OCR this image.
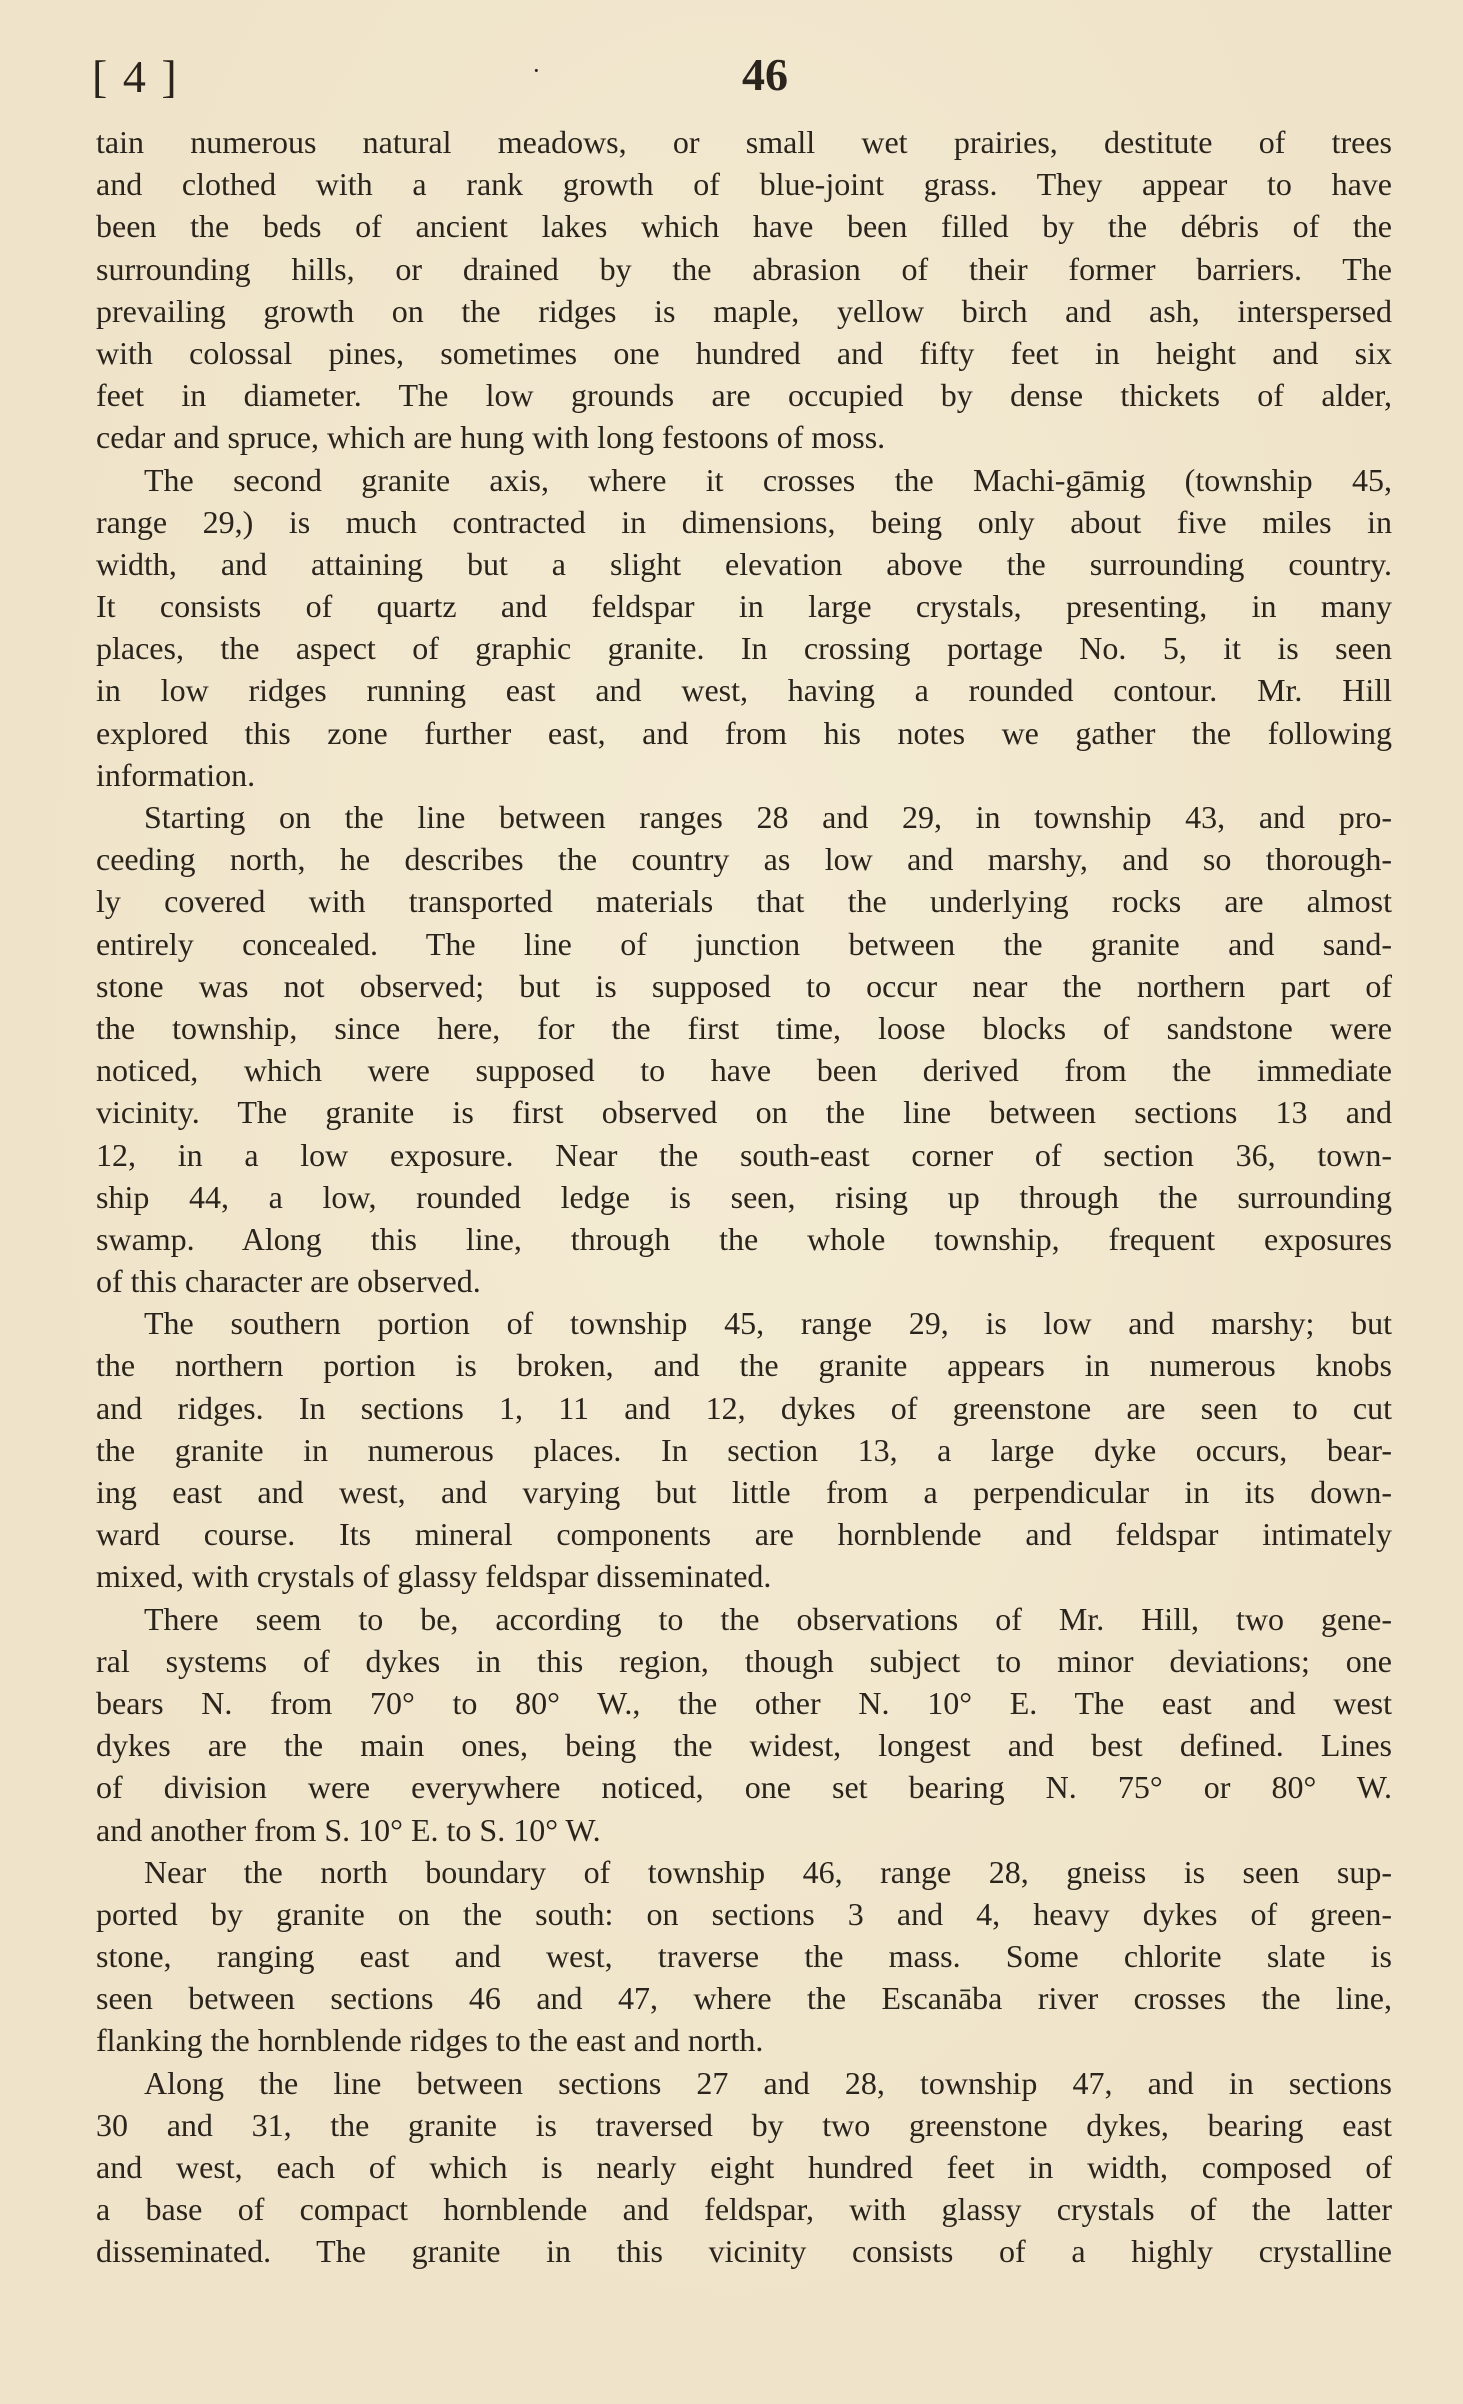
[ 4 ]	·	46
tain numerous natural meadows, or small wet prairies, destitute of trees
and clothed with a rank growth of blue-joint grass. They appear to have
been the beds of ancient lakes which have been filled by the débris of the
surrounding hills, or drained by the abrasion of their former barriers. The
prevailing growth on the ridges is maple, yellow birch and ash, interspersed
with colossal pines, sometimes one hundred and fifty feet in height and six
feet in diameter. The low grounds are occupied by dense thickets of alder,
cedar and spruce, which are hung with long festoons of moss.
The second granite axis, where it crosses the Machi-gāmig (township 45,
range 29,) is much contracted in dimensions, being only about five miles in
width, and attaining but a slight elevation above the surrounding country.
It consists of quartz and feldspar in large crystals, presenting, in many
places, the aspect of graphic granite. In crossing portage No. 5, it is seen
in low ridges running east and west, having a rounded contour. Mr. Hill
explored this zone further east, and from his notes we gather the following
information.
Starting on the line between ranges 28 and 29, in township 43, and pro-
ceeding north, he describes the country as low and marshy, and so thorough-
ly covered with transported materials that the underlying rocks are almost
entirely concealed. The line of junction between the granite and sand-
stone was not observed; but is supposed to occur near the northern part of
the township, since here, for the first time, loose blocks of sandstone were
noticed, which were supposed to have been derived from the immediate
vicinity. The granite is first observed on the line between sections 13 and
12, in a low exposure. Near the south-east corner of section 36, town-
ship 44, a low, rounded ledge is seen, rising up through the surrounding
swamp. Along this line, through the whole township, frequent exposures
of this character are observed.
The southern portion of township 45, range 29, is low and marshy; but
the northern portion is broken, and the granite appears in numerous knobs
and ridges. In sections 1, 11 and 12, dykes of greenstone are seen to cut
the granite in numerous places. In section 13, a large dyke occurs, bear-
ing east and west, and varying but little from a perpendicular in its down-
ward course. Its mineral components are hornblende and feldspar intimately
mixed, with crystals of glassy feldspar disseminated.
There seem to be, according to the observations of Mr. Hill, two gene-
ral systems of dykes in this region, though subject to minor deviations; one
bears N. from 70° to 80° W., the other N. 10° E. The east and west
dykes are the main ones, being the widest, longest and best defined. Lines
of division were everywhere noticed, one set bearing N. 75° or 80° W.
and another from S. 10° E. to S. 10° W.
Near the north boundary of township 46, range 28, gneiss is seen sup-
ported by granite on the south: on sections 3 and 4, heavy dykes of green-
stone, ranging east and west, traverse the mass. Some chlorite slate is
seen between sections 46 and 47, where the Escanāba river crosses the line,
flanking the hornblende ridges to the east and north.
Along the line between sections 27 and 28, township 47, and in sections
30 and 31, the granite is traversed by two greenstone dykes, bearing east
and west, each of which is nearly eight hundred feet in width, composed of
a base of compact hornblende and feldspar, with glassy crystals of the latter
disseminated. The granite in this vicinity consists of a highly crystalline
